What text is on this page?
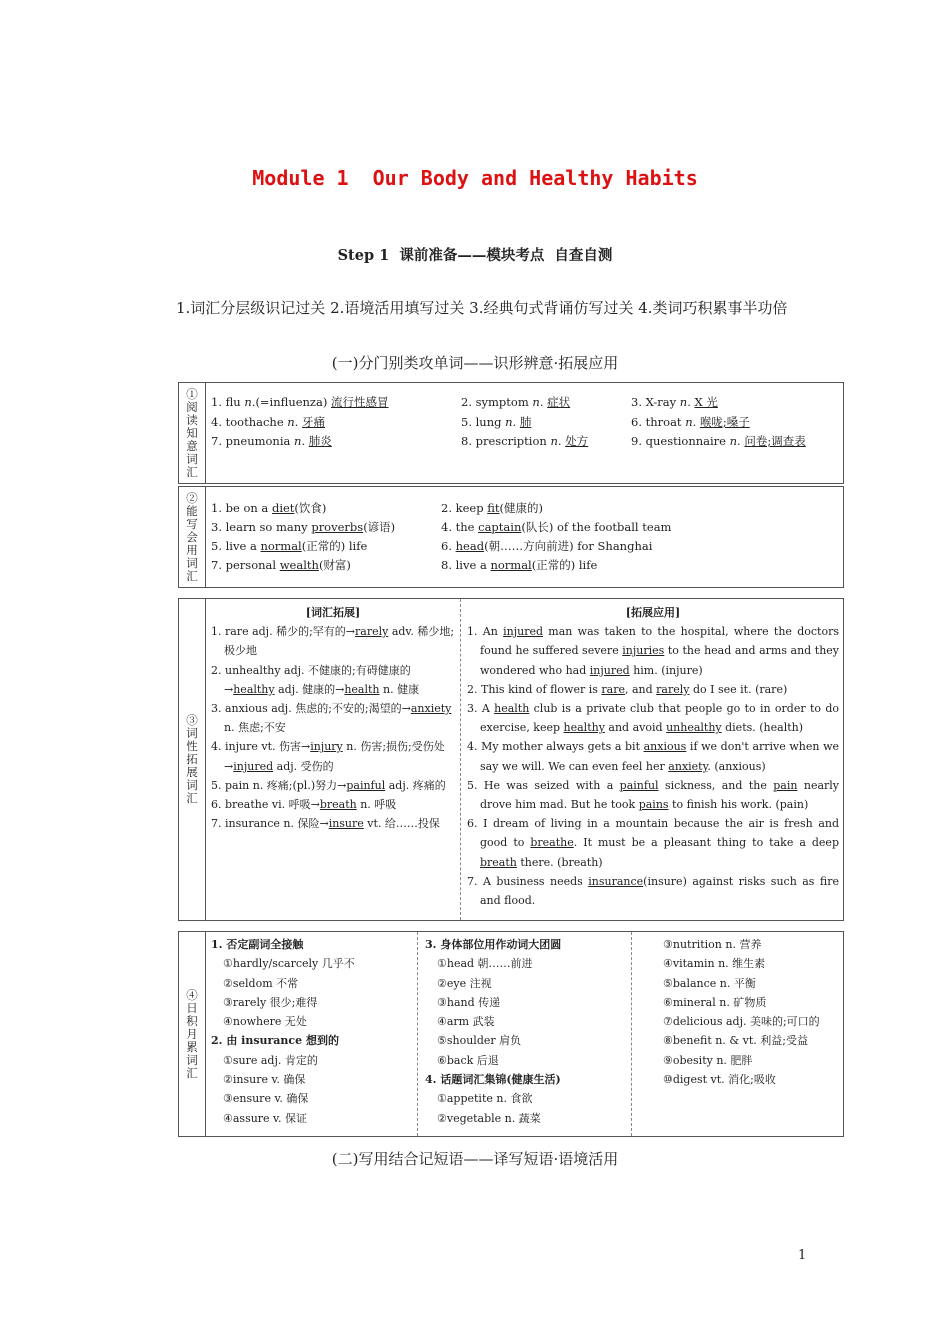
Module 1  Our Body and Healthy Habits
Step 1  课前准备——模块考点  自查自测
1.词汇分层级识记过关 2.语境活用填写过关 3.经典句式背诵仿写过关 4.类词巧积累事半功倍
(一)分门别类攻单词——识形辨意·拓展应用
①阅读知意词汇
1. flu n.(=influenza) 流行性感冒	2. symptom n. 症状	3. X-ray n. X 光
4. toothache n. 牙痛	5. lung n. 肺	6. throat n. 喉咙;嗓子
7. pneumonia n. 肺炎	8. prescription n. 处方	9. questionnaire n. 问卷;调查表
②能写会用词汇
1. be on a diet(饮食)	2. keep fit(健康的)
3. learn so many proverbs(谚语)	4. the captain(队长) of the football team
5. live a normal(正常的) life	6. head(朝……方向前进) for Shanghai
7. personal wealth(财富)	8. live a normal(正常的) life
③词性拓展词汇

[词汇拓展]

1. rare adj. 稀少的;罕有的→rarely adv. 稀少地;极少地

2. unhealthy adj. 不健康的;有碍健康的→healthy adj. 健康的→health n. 健康

3. anxious adj. 焦虑的;不安的;渴望的→anxiety n. 焦虑;不安

4. injure vt. 伤害→injury n. 伤害;损伤;受伤处→injured adj. 受伤的

5. pain n. 疼痛;(pl.)努力→painful adj. 疼痛的

6. breathe vi. 呼吸→breath n. 呼吸

7. insurance n. 保险→insure vt. 给……投保

[拓展应用]

1. An injured man was taken to the hospital, where the doctors found he suffered severe injuries to the head and arms and they wondered who had injured him. (injure)

2. This kind of flower is rare, and rarely do I see it. (rare)

3. A health club is a private club that people go to in order to do exercise, keep healthy and avoid unhealthy diets. (health)

4. My mother always gets a bit anxious if we don't arrive when we say we will. We can even feel her anxiety. (anxious)

5. He was seized with a painful sickness, and the pain nearly drove him mad. But he took pains to finish his work. (pain)

6. I dream of living in a mountain because the air is fresh and good to breathe. It must be a pleasant thing to take a deep breath there. (breath)

7. A business needs insurance(insure) against risks such as fire and flood.

④日积月累词汇
1. 否定副词全接触
①hardly/scarcely 几乎不
②seldom 不常
③rarely 很少;难得
④nowhere 无处
2. 由 insurance 想到的
①sure adj. 肯定的
②insure v. 确保
③ensure v. 确保
④assure v. 保证
3. 身体部位用作动词大团圆
①head 朝……前进
②eye 注视
③hand 传递
④arm 武装
⑤shoulder 肩负
⑥back 后退
4. 话题词汇集锦(健康生活)
①appetite n. 食欲
②vegetable n. 蔬菜
③nutrition n. 营养
④vitamin n. 维生素
⑤balance n. 平衡
⑥mineral n. 矿物质
⑦delicious adj. 美味的;可口的
⑧benefit n. & vt. 利益;受益
⑨obesity n. 肥胖
⑩digest vt. 消化;吸收
(二)写用结合记短语——译写短语·语境活用
1
